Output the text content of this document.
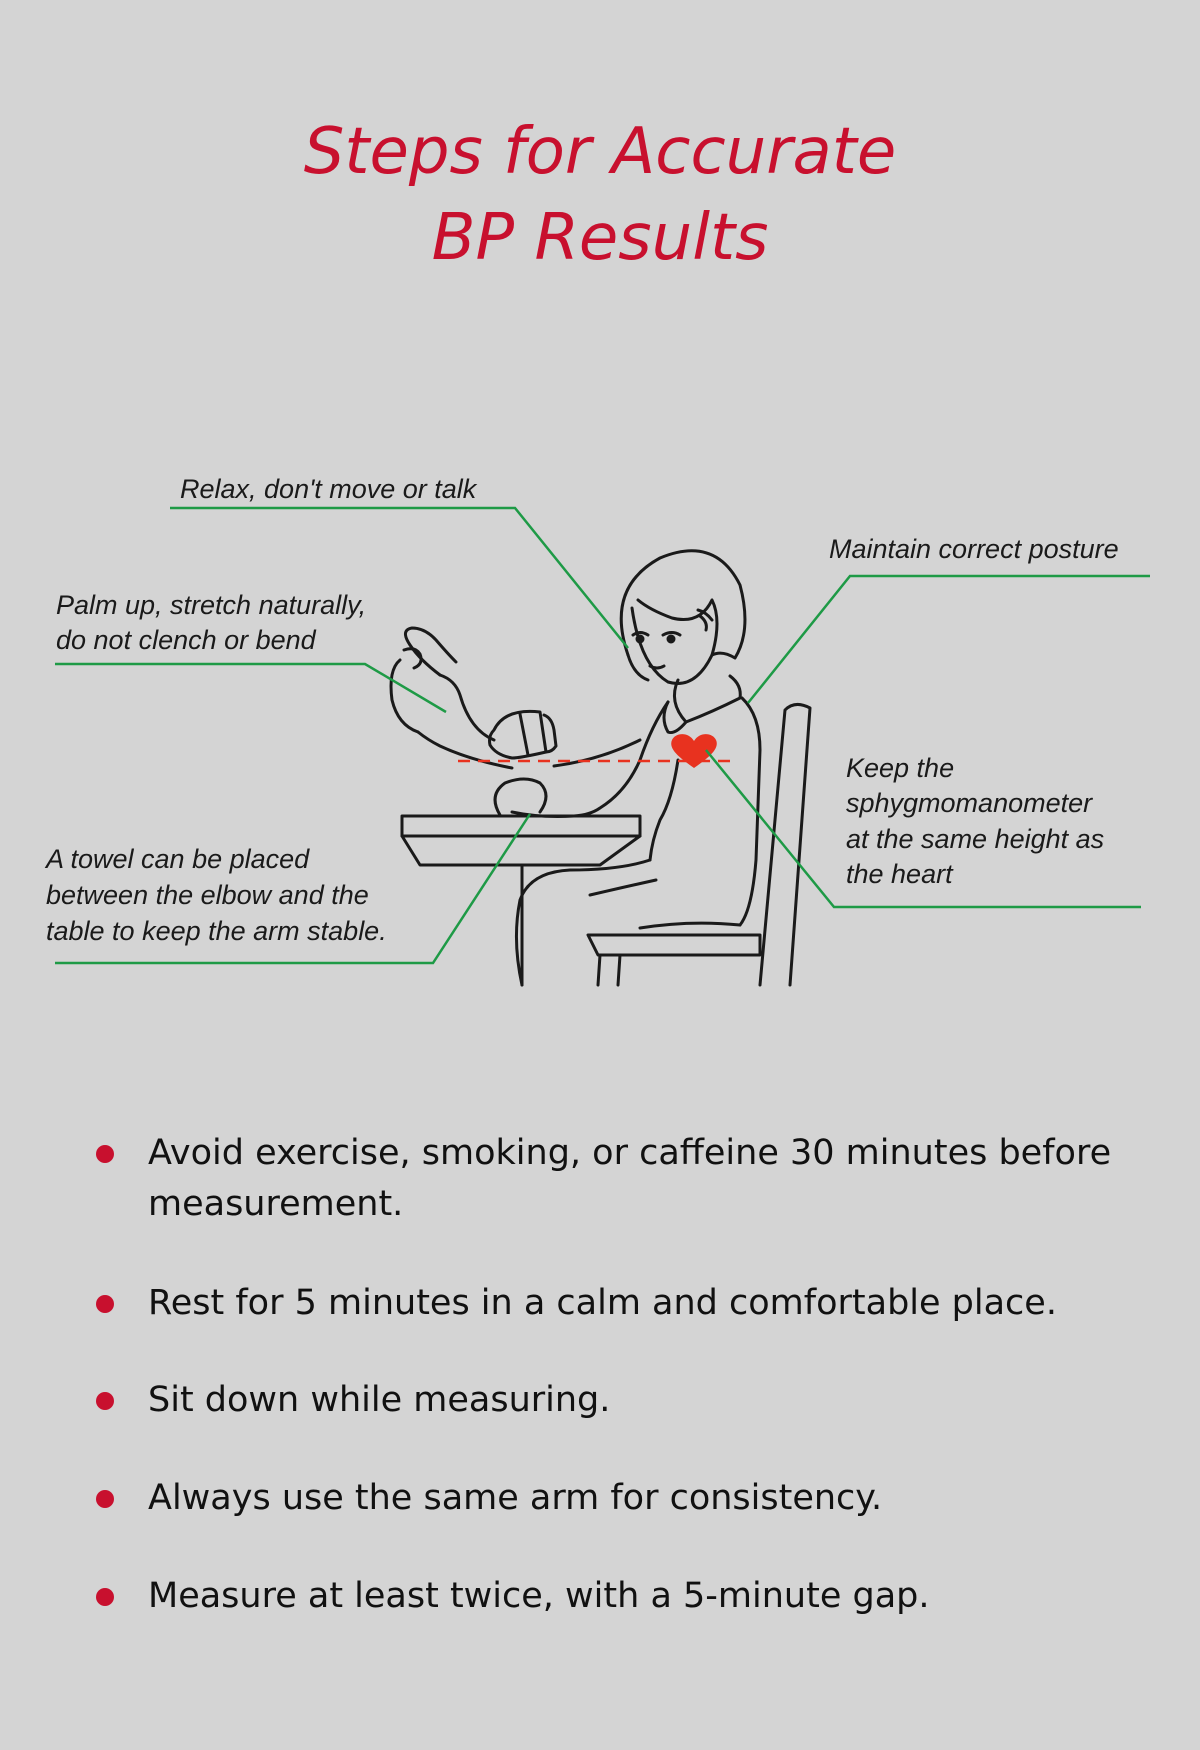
Steps for Accurate
BP Results
Relax, don't move or talk
Maintain correct posture
Palm up, stretch naturally,
do not clench or bend
Keep the
sphygmomanometer
at the same height as
the heart
A towel can be placed
between the elbow and the
table to keep the arm stable.
Avoid exercise, smoking, or caffeine 30 minutes before measurement.
Rest for 5 minutes in a calm and comfortable place.
Sit down while measuring.
Always use the same arm for consistency.
Measure at least twice, with a 5-minute gap.
